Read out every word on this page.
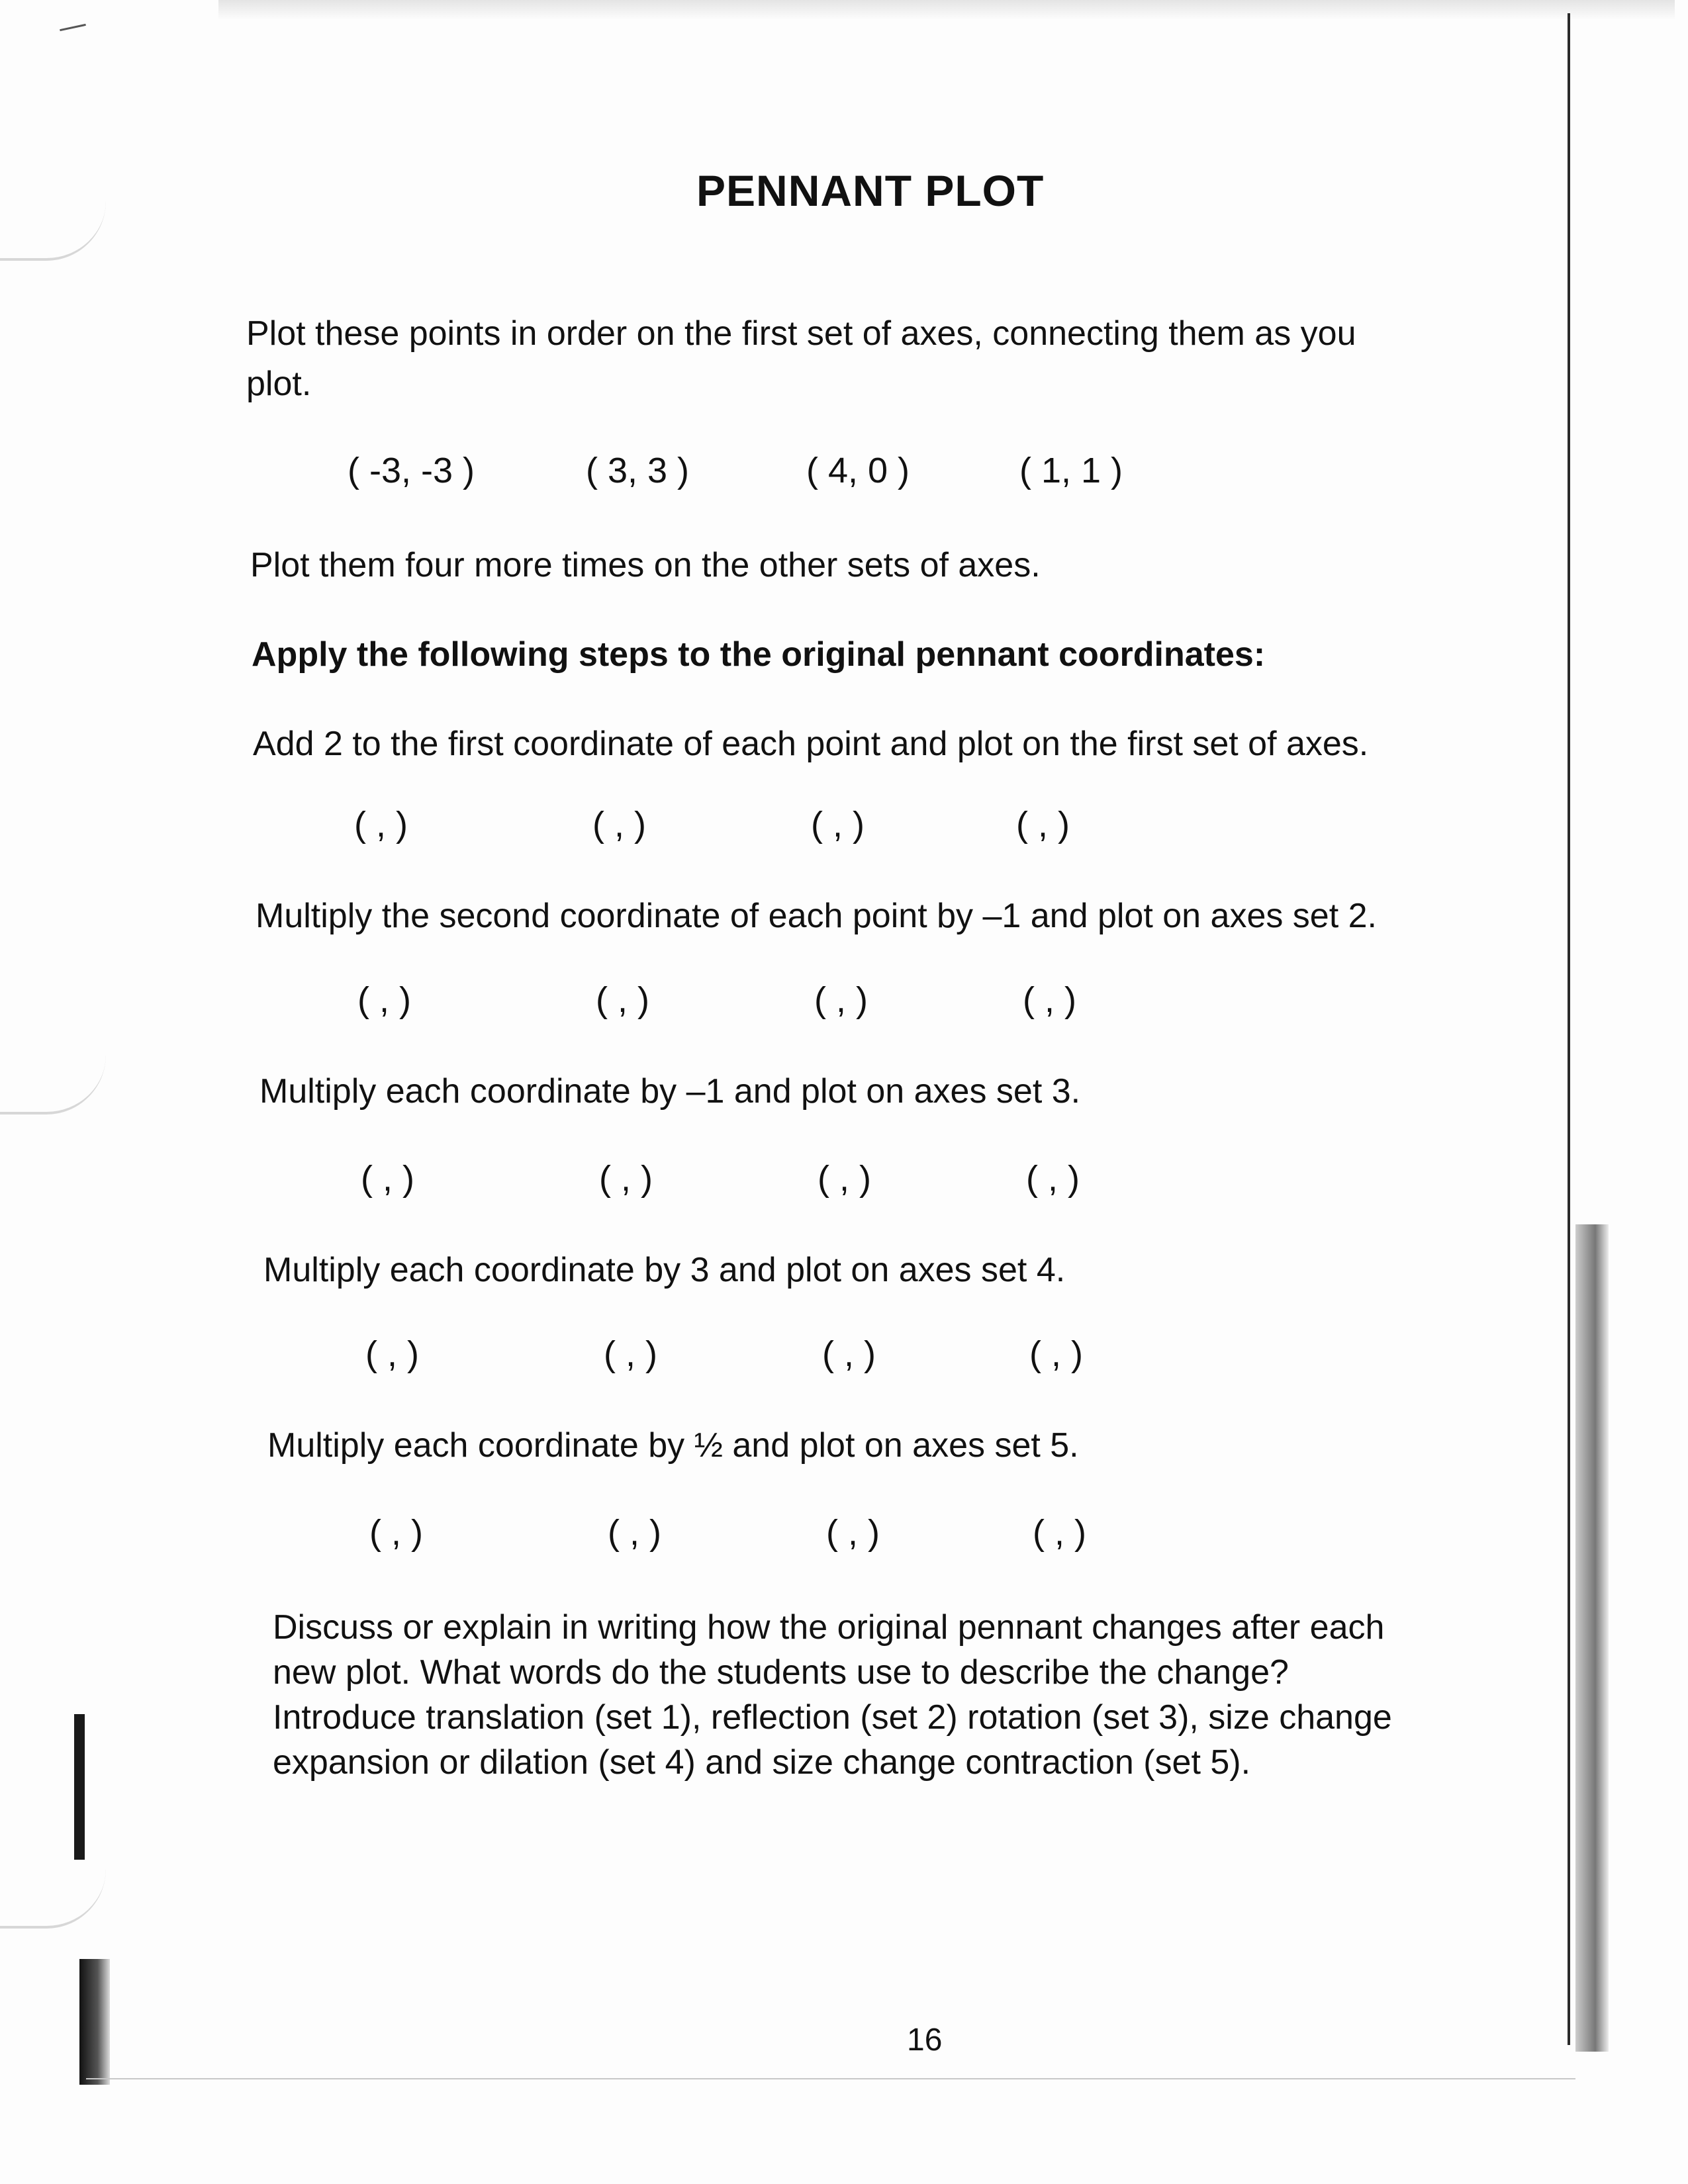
PENNANT PLOT

Plot these points in order on the first set of axes, connecting them as you

plot.

( -3, -3 )	( 3, 3 )	( 4, 0 )	( 1, 1 )

Plot them four more times on the other sets of axes.

Apply the following steps to the original pennant coordinates:

Add 2 to the first coordinate of each point and plot on the first set of axes.

( , )	( , )	( , )	( , )

Multiply the second coordinate of each point by –1 and plot on axes set 2.

( , )	( , )	( , )	( , )

Multiply each coordinate by –1 and plot on axes set 3.

( , )	( , )	( , )	( , )

Multiply each coordinate by 3 and plot on axes set 4.

( , )	( , )	( , )	( , )

Multiply each coordinate by ½ and plot on axes set 5.

( , )	( , )	( , )	( , )

Discuss or explain in writing how the original pennant changes after each

new plot. What words do the students use to describe the change?

Introduce translation (set 1), reflection (set 2) rotation (set 3), size change

expansion or dilation (set 4) and size change contraction (set 5).

16
